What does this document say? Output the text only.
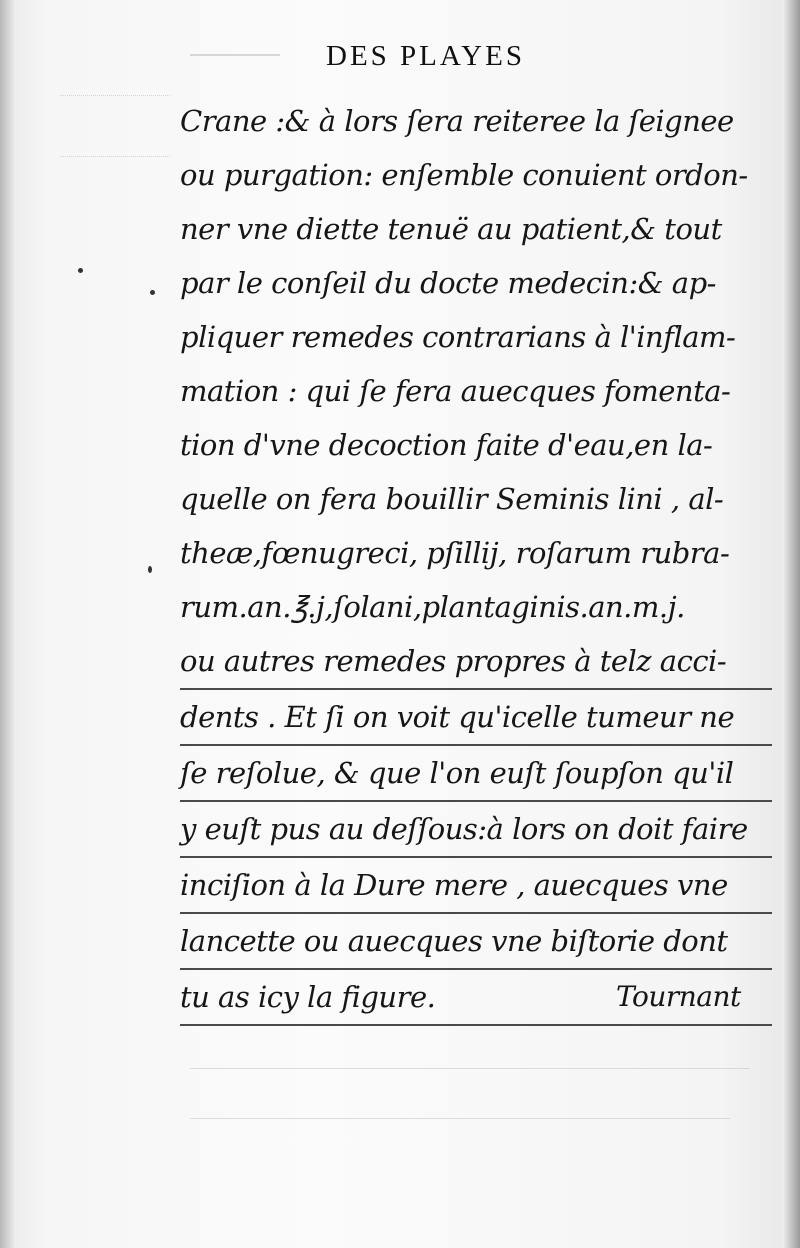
DES PLAYES
Crane :& à lors ſera reiteree la ſeignee
ou purgation: enſemble conuient ordon-
ner vne diette tenuë au patient,& tout
par le conſeil du docte medecin:& ap-
pliquer remedes contrarians à l'inflam-
mation : qui ſe fera auecques fomenta-
tion d'vne decoction faite d'eau,en la-
quelle on fera bouillir Seminis lini , al-
theæ,fœnugreci, pſillij, roſarum rubra-
rum.an.℥.j,ſolani,plantaginis.an.m.j.
ou autres remedes propres à telz acci-
dents . Et ſi on voit qu'icelle tumeur ne
ſe reſolue, & que l'on euſt ſoupſon qu'il
y euſt pus au deſſous:à lors on doit faire
inciſion à la Dure mere , auecques vne
lancette ou auecques vne biſtorie dont
tu as icy la figure.	Tournant
